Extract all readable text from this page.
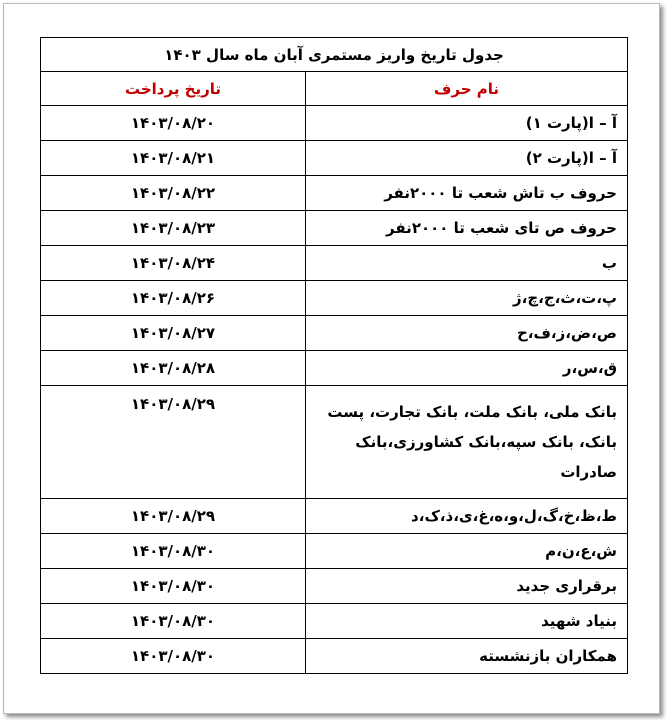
جدول تاریخ واریز مستمری آبان ماه سال ۱۴۰۳	
نام حرف	تاریخ پرداخت
آ – ا(پارت ۱)	۱۴۰۳/۰۸/۲۰
آ – ا(پارت ۲)	۱۴۰۳/۰۸/۲۱
حروف ب تاش شعب تا ۲۰۰۰نفر	۱۴۰۳/۰۸/۲۲
حروف ص تای شعب تا ۲۰۰۰نفر	۱۴۰۳/۰۸/۲۳
ب	۱۴۰۳/۰۸/۲۴
پ،ت،ث،ج،چ،ژ	۱۴۰۳/۰۸/۲۶
ص،ض،ز،ف،ح	۱۴۰۳/۰۸/۲۷
ق،س،ر	۱۴۰۳/۰۸/۲۸
بانک ملی، بانک ملت، بانک تجارت، پست بانک، بانک سپه،بانک کشاورزی،بانک صادرات	۱۴۰۳/۰۸/۲۹
ط،ظ،خ،گ،ل،و،ه،غ،ی،ذ،ک،د	۱۴۰۳/۰۸/۲۹
ش،ع،ن،م	۱۴۰۳/۰۸/۳۰
برقراری جدید	۱۴۰۳/۰۸/۳۰
بنیاد شهید	۱۴۰۳/۰۸/۳۰
همکاران بازنشسته	۱۴۰۳/۰۸/۳۰
